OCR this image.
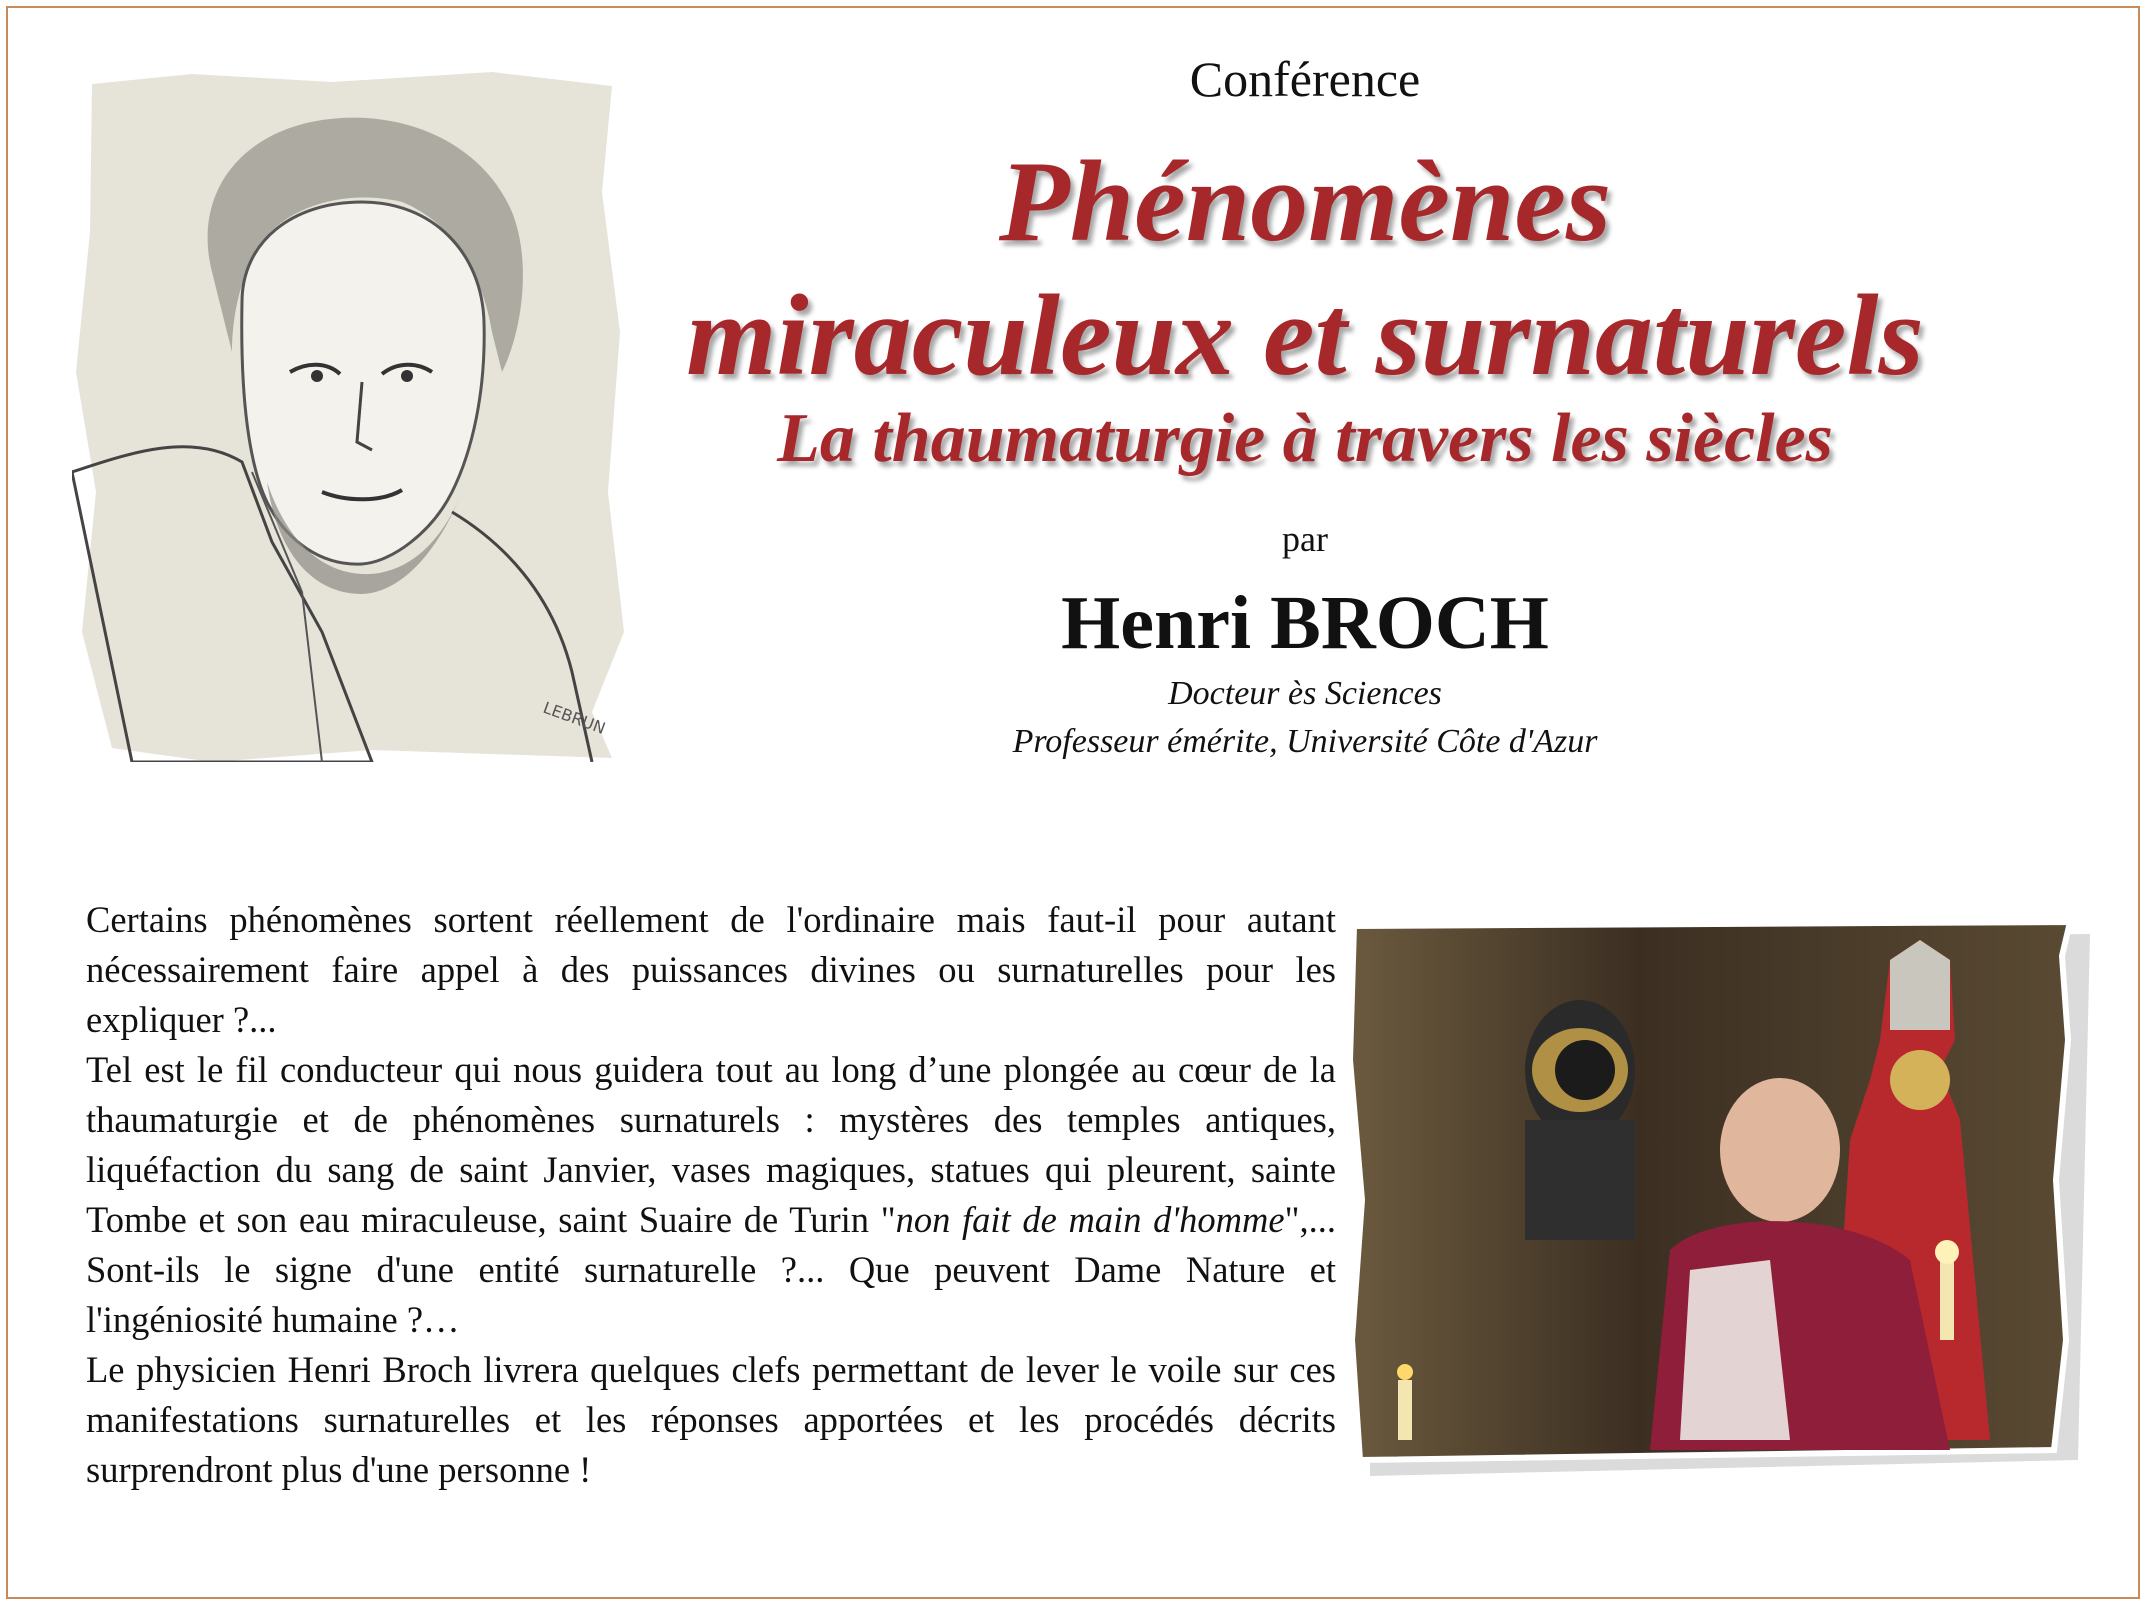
LEBRUN
Conférence
Phénomènes
miraculeux et surnaturels
La thaumaturgie à travers les siècles
par
Henri BROCH
Docteur ès Sciences
Professeur émérite, Université Côte d'Azur

Certains phénomènes sortent réellement de l'ordinaire mais faut-il pour autant nécessairement faire appel à des puissances divines ou surnaturelles pour les expliquer ?...

Tel est le fil conducteur qui nous guidera tout au long d’une plongée au cœur de la thaumaturgie et de phénomènes surnaturels : mystères des temples antiques, liquéfaction du sang de saint Janvier, vases magiques, statues qui pleurent, sainte Tombe et son eau miraculeuse, saint Suaire de Turin "non fait de main d'homme",... Sont-ils le signe d'une entité surnaturelle ?... Que peuvent Dame Nature et l'ingéniosité humaine ?…

Le physicien Henri Broch livrera quelques clefs permettant de lever le voile sur ces manifestations surnaturelles et les réponses apportées et les procédés décrits surprendront plus d'une personne !
